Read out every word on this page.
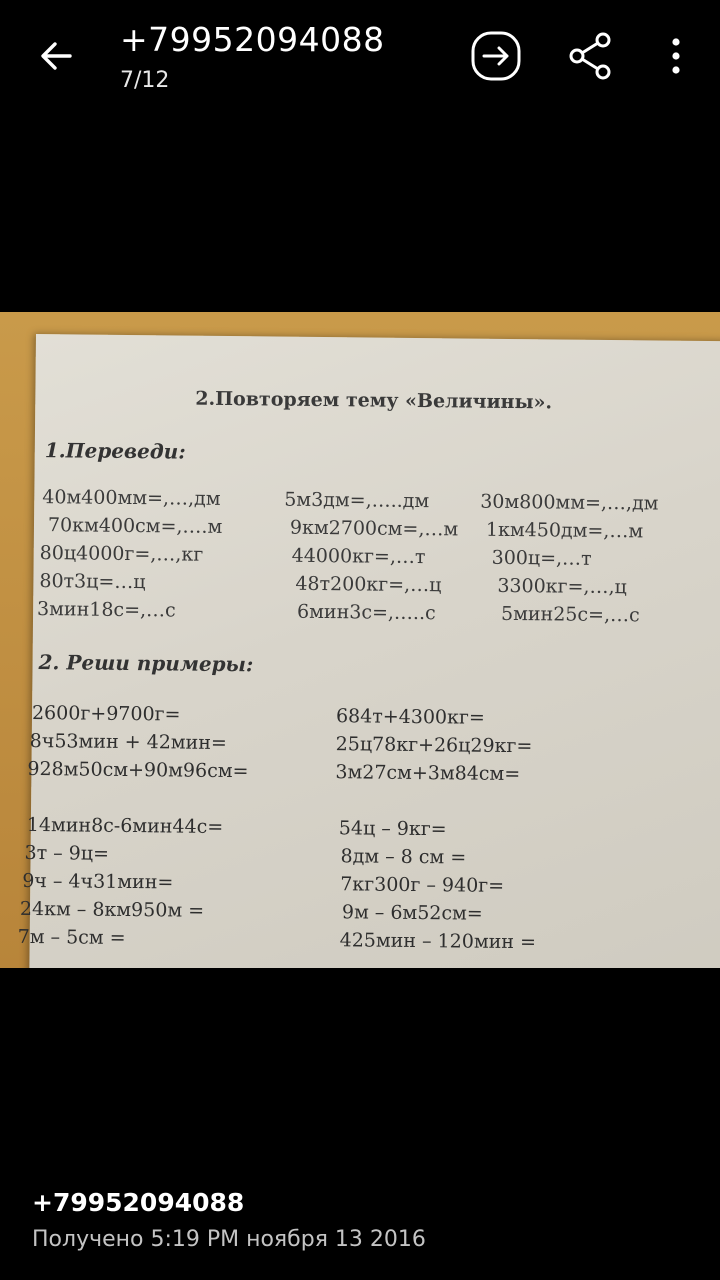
+79952094088
7/12
2.Повторяем тему «Величины».
1.Переведи:
40м400мм=,…,дм	5м3дм=,…..дм	30м800мм=,…,дм
70км400см=,….м	9км2700см=,…м 1км450дм=,…м
80ц4000г=,…,кг	44000кг=,…т	300ц=,…т
80т3ц=…ц	48т200кг=,…ц	3300кг=,…,ц
3мин18с=,…с	6мин3с=,…..с	5мин25с=,…с
2. Реши примеры:
2600г+9700г=
8ч53мин + 42мин=
928м50см+90м96см=
684т+4300кг=
25ц78кг+26ц29кг=
3м27см+3м84см=
14мин8с-6мин44с=
3т – 9ц=
9ч – 4ч31мин=
24км – 8км950м =
7м – 5см =
54ц – 9кг=
8дм – 8 см =
7кг300г – 940г=
9м – 6м52см=
425мин – 120мин =
+79952094088
Получено 5:19 PM ноября 13 2016
